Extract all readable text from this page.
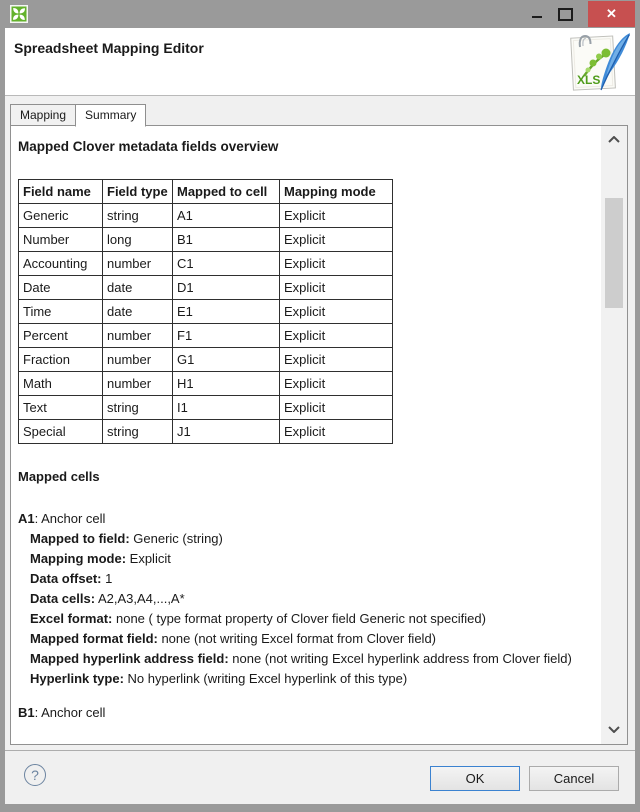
✕
Spreadsheet Mapping Editor
XLS
Mapping	Summary
Mapped Clover metadata fields overview
Field name	Field type	Mapped to cell	Mapping mode
Generic	string	A1	Explicit
Number	long	B1	Explicit
Accounting	number	C1	Explicit
Date	date	D1	Explicit
Time	date	E1	Explicit
Percent	number	F1	Explicit
Fraction	number	G1	Explicit
Math	number	H1	Explicit
Text	string	I1	Explicit
Special	string	J1	Explicit
Mapped cells
A1: Anchor cell
Mapped to field: Generic (string)
Mapping mode: Explicit
Data offset: 1
Data cells: A2,A3,A4,...,A*
Excel format: none ( type format property of Clover field Generic not specified)
Mapped format field: none (not writing Excel format from Clover field)
Mapped hyperlink address field: none (not writing Excel hyperlink address from Clover field)
Hyperlink type: No hyperlink (writing Excel hyperlink of this type)
B1: Anchor cell
?	OK	Cancel
